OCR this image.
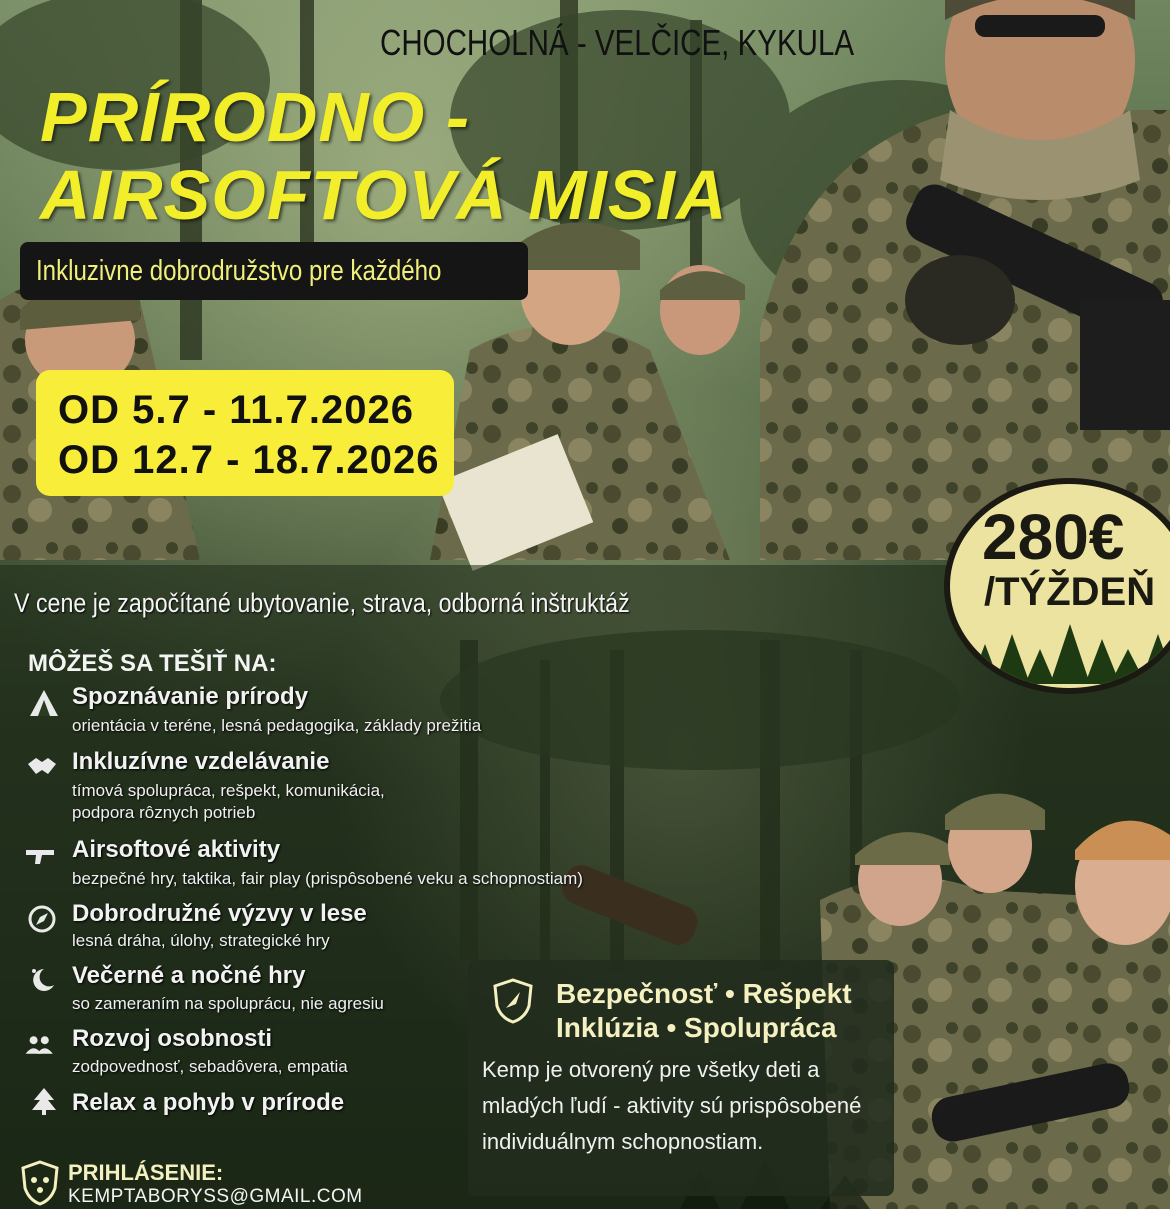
CHOCHOLNÁ - VELČICE, KYKULA
PRÍRODNO -
AIRSOFTOVÁ MISIA
Inkluzivne dobrodružstvo pre každého
OD 5.7 - 11.7.2026
OD 12.7 - 18.7.2026
280€
/TÝŽDEŇ
V cene je započítané ubytovanie, strava, odborná inštruktáž
MÔŽEŠ SA TEŠIŤ NA:
Spoznávanie prírody
orientácia v teréne, lesná pedagogika, základy prežitia
Inkluzívne vzdelávanie
tímová spolupráca, rešpekt, komunikácia,
podpora rôznych potrieb
Airsoftové aktivity
bezpečné hry, taktika, fair play (prispôsobené veku a schopnostiam)
Dobrodružné výzvy v lese
lesná dráha, úlohy, strategické hry
Večerné a nočné hry
so zameraním na spoluprácu, nie agresiu
Rozvoj osobnosti
zodpovednosť, sebadôvera, empatia
Relax a pohyb v prírode
Bezpečnosť • Rešpekt
Inklúzia • Spolupráca
Kemp je otvorený pre všetky deti a mladých ľudí - aktivity sú prispôsobené individuálnym schopnostiam.
PRIHLÁSENIE:
KEMPTABORYSS@GMAIL.COM
